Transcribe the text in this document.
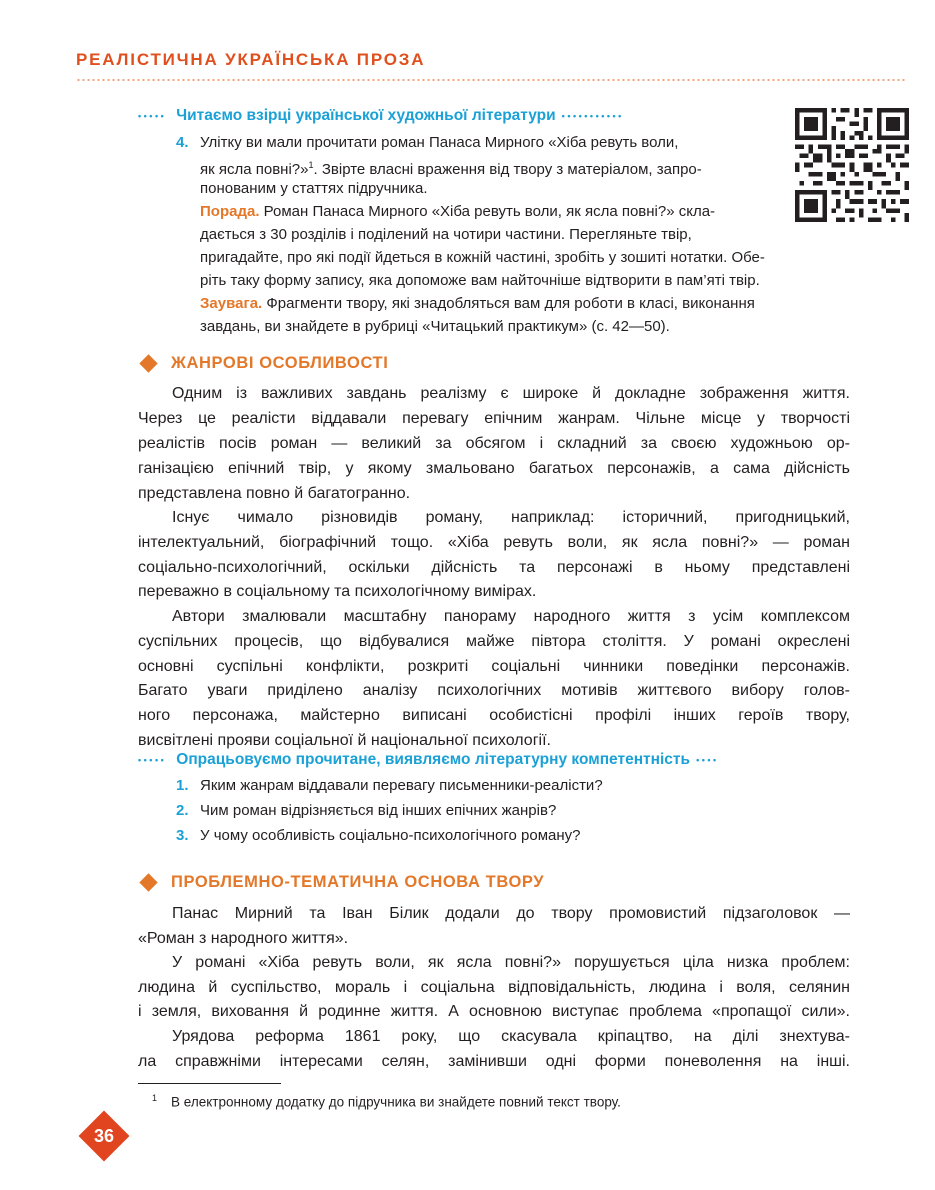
РЕАЛІСТИЧНА УКРАЇНСЬКА ПРОЗА
••••• Читаємо взірці української художньої літератури •••••••••••
4. Улітку ви мали прочитати роман Панаса Мирного «Хіба ревуть воли,
як ясла повні?»$^1$. Звірте власні враження від твору з матеріалом, запро-
понованим у статтях підручника.
Порада. Роман Панаса Мирного «Хіба ревуть воли, як ясла повні?» скла-
дається з 30 розділів і поділений на чотири частини. Перегляньте твір,
пригадайте, про які події йдеться в кожній частині, зробіть у зошиті нотатки. Обе-
ріть таку форму запису, яка допоможе вам найточніше відтворити в пам’яті твір.
Заувага. Фрагменти твору, які знадобляться вам для роботи в класі, виконання
завдань, ви знайдете в рубриці «Читацький практикум» (с. 42—50).
ЖАНРОВІ ОСОБЛИВОСТІ
Одним із важливих завдань реалізму є широке й докладне зображення життя.
Через це реалісти віддавали перевагу епічним жанрам. Чільне місце у творчості
реалістів посів роман — великий за обсягом і складний за своєю художньою ор-
ганізацією епічний твір, у якому змальовано багатьох персонажів, а сама дійсність
представлена повно й багатогранно.
Існує чимало різновидів роману, наприклад: історичний, пригодницький,
інтелектуальний, біографічний тощо. «Хіба ревуть воли, як ясла повні?» — роман
соціально-психологічний, оскільки дійсність та персонажі в ньому представлені
переважно в соціальному та психологічному вимірах.
Автори змалювали масштабну панораму народного життя з усім комплексом
суспільних процесів, що відбувалися майже півтора століття. У романі окреслені
основні суспільні конфлікти, розкриті соціальні чинники поведінки персонажів.
Багато уваги приділено аналізу психологічних мотивів життєвого вибору голов-
ного персонажа, майстерно виписані особистісні профілі інших героїв твору,
висвітлені прояви соціальної й національної психології.
••••• Опрацьовуємо прочитане, виявляємо літературну компетентність ••••
1. Яким жанрам віддавали перевагу письменники-реалісти?
2. Чим роман відрізняється від інших епічних жанрів?
3. У чому особливість соціально-психологічного роману?
ПРОБЛЕМНО-ТЕМАТИЧНА ОСНОВА ТВОРУ
Панас Мирний та Іван Білик додали до твору промовистий підзаголовок —
«Роман з народного життя».
У романі «Хіба ревуть воли, як ясла повні?» порушується ціла низка проблем:
людина й суспільство, мораль і соціальна відповідальність, людина і воля, селянин
і земля, виховання й родинне життя. А основною виступає проблема «пропащої сили».
Урядова реформа 1861 року, що скасувала кріпацтво, на ділі знехтува-
ла справжніми інтересами селян, замінивши одні форми поневолення на інші.
$^1$ В електронному додатку до підручника ви знайдете повний текст твору.
36
